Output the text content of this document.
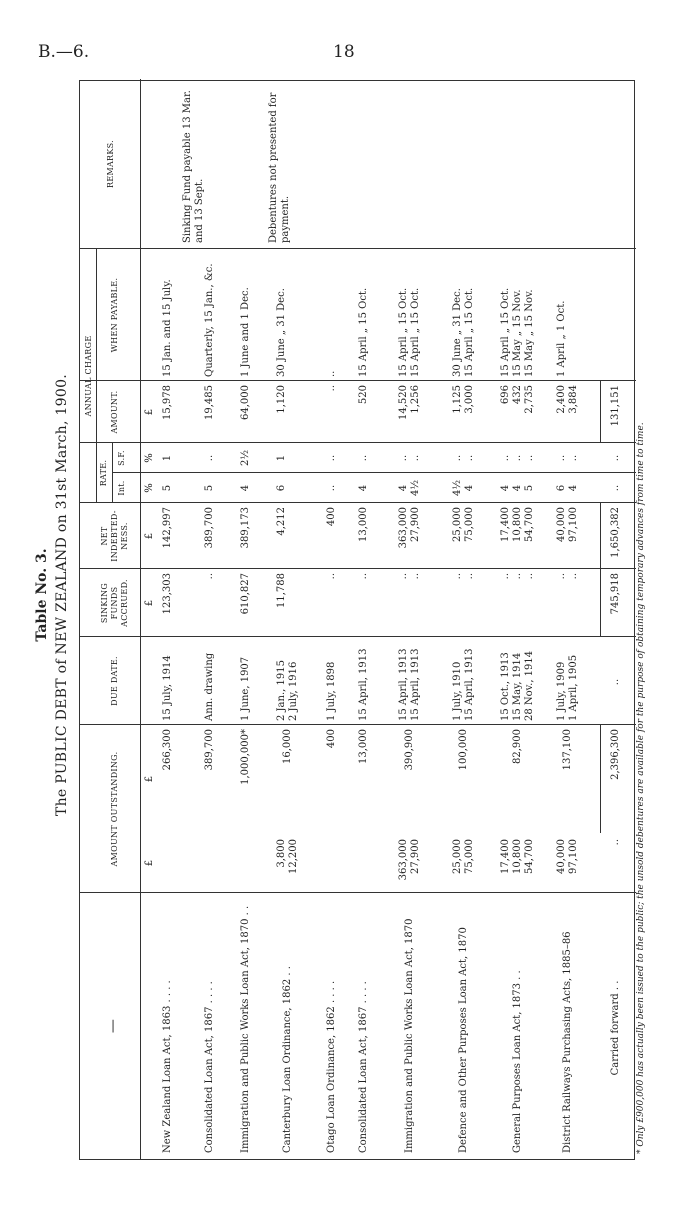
B.—6.	18
Table No. 3. The PUBLIC DEBT of NEW ZEALAND on 31st March, 1900.
—
AMOUNT OUTSTANDING.
DUE DATE.
SINKING FUNDS ACCRUED.
NET INDEBTED-NESS.
ANNUAL CHARGE
RATE.
Int.
S.F.
AMOUNT.
WHEN PAYABLE.
REMARKS.
£
£
£
£
%
%
£
New Zealand Loan Act, 1863 . . . .
266,300
15 July, 1914
123,303
142,997
5
1
15,978
15 Jan. and 15 July.
Consolidated Loan Act, 1867 . . . .
389,700
Ann. drawing
..
389,700
5
..
19,485
Quarterly, 15 Jan., &c.
Immigration and Public Works Loan Act, 1870 . .
1,000,000*
1 June, 1907
610,827
389,173
4
2½
64,000
1 June and 1 Dec.
Sinking Fund payable 13 Mar. and 13 Sept.
Canterbury Loan Ordinance, 1862 . .
3,800 12,200
16,000
2 Jan., 1915 2 July, 1916
11,788
4,212
6
1
1,120
30 June „ 31 Dec.
Otago Loan Ordinance, 1862 . . . .
400
1 July, 1898
..
400
..
..
..
..
Debentures not presented for payment.
Consolidated Loan Act, 1867 . . . .
13,000
15 April, 1913
..
13,000
4
..
520
15 April „ 15 Oct.
Immigration and Public Works Loan Act, 1870
363,000 27,900
390,900
15 April, 1913 15 April, 1913
.. ..
363,000 27,900
4 4½
.. ..
14,520 1,256
15 April „ 15 Oct. 15 April „ 15 Oct.
Defence and Other Purposes Loan Act, 1870
25,000 75,000
100,000
1 July, 1910 15 April, 1913
.. ..
25,000 75,000
4½ 4
.. ..
1,125 3,000
30 June „ 31 Dec. 15 April „ 15 Oct.
General Purposes Loan Act, 1873 . .
17,400 10,800 54,700
82,900
15 Oct., 1913 15 May, 1914 28 Nov., 1914
.. .. ..
17,400 10,800 54,700
4 4 5
.. .. ..
696 432 2,735
15 April „ 15 Oct. 15 May „ 15 Nov. 15 May „ 15 Nov.
District Railways Purchasing Acts, 1885–86
40,000 97,100
137,100
1 July, 1909 1 April, 1905
.. ..
40,000 97,100
6 4
.. ..
2,400 3,884
1 April „ 1 Oct.
Carried forward . .
..
2,396,300
..
745,918
1,650,382
..
..
131,151
* Only £900,000 has actually been issued to the public; the unsold debentures are available for the purpose of obtaining temporary advances from time to time.
